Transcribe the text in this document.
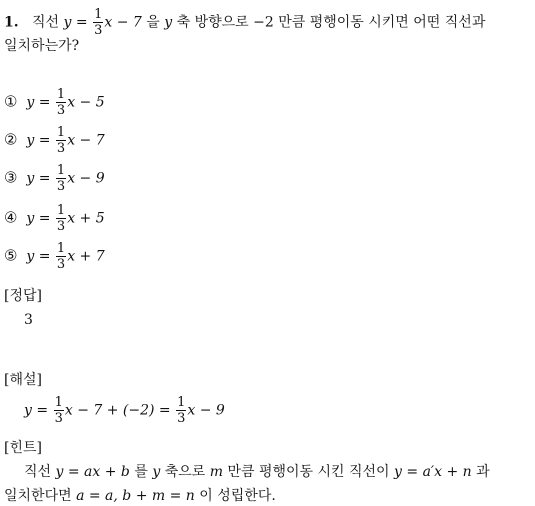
1. 직선 $y = \frac{1}{3}$ x − 7 을 y 축 방향으로 −2 만큼 평행이동 시키면 어떤 직선과
일치하는가?
① $y = \frac{1}{3}$ x − 5
② $y = \frac{1}{3}$ x − 7
③ $y = \frac{1}{3}$ x − 9
④ $y = \frac{1}{3}$ x + 5
⑤ $y = \frac{1}{3}$ x + 7
[정답]
3
[해설]
$y = \frac{1}{3}$ $x - 7 + (-2) = \frac{1}{3}$ x − 9
[힌트]
직선 y = ax + b 를 y 축으로 m 만큼 평행이동 시킨 직선이 y = a′x + n 과
일치한다면 a = a, b + m = n 이 성립한다.
